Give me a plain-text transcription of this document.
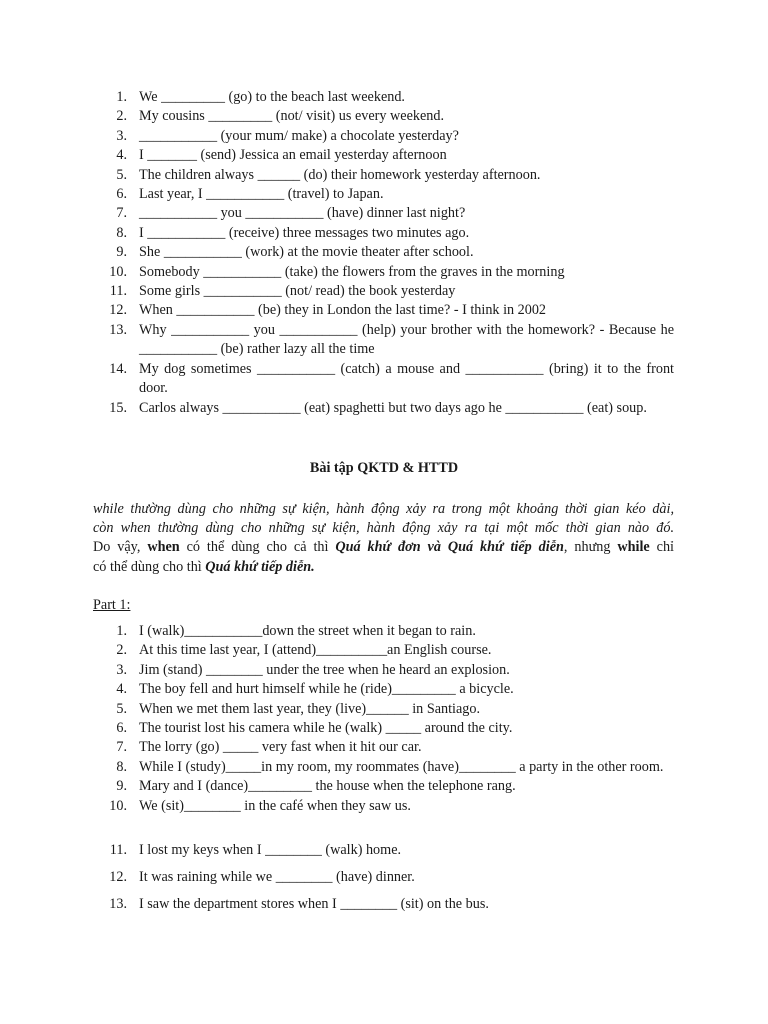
1. We _________ (go) to the beach last weekend.
2. My cousins _________ (not/ visit) us every weekend.
3. ___________ (your mum/ make) a chocolate yesterday?
4. I _______ (send) Jessica an email yesterday afternoon
5. The children always ______ (do) their homework yesterday afternoon.
6. Last year, I ___________ (travel) to Japan.
7. ___________ you ___________ (have) dinner last night?
8. I ___________ (receive) three messages two minutes ago.
9. She ___________ (work) at the movie theater after school.
10. Somebody ___________ (take) the flowers from the graves in the morning
11. Some girls ___________ (not/ read) the book yesterday
12. When ___________ (be) they in London the last time? - I think in 2002
13. Why ___________ you ___________ (help) your brother with the homework? - Because he ___________ (be) rather lazy all the time
14. My dog sometimes ___________ (catch) a mouse and ___________ (bring) it to the front door.
15. Carlos always ___________ (eat) spaghetti but two days ago he ___________ (eat) soup.
Bài tập QKTD & HTTD
while thường dùng cho những sự kiện, hành động xảy ra trong một khoảng thời gian kéo dài,
còn when thường dùng cho những sự kiện, hành động xảy ra tại một mốc thời gian nào đó.
Do vậy, when có thể dùng cho cả thì Quá khứ đơn và Quá khứ tiếp diễn, nhưng while chỉ
có thể dùng cho thì Quá khứ tiếp diễn.
Part 1:
1. I (walk)___________down the street when it began to rain.
2. At this time last year, I (attend)__________an English course.
3. Jim (stand) ________ under the tree when he heard an explosion.
4. The boy fell and hurt himself while he (ride)_________ a bicycle.
5. When we met them last year, they (live)______ in Santiago.
6. The tourist lost his camera while he (walk) _____ around the city.
7. The lorry (go) _____ very fast when it hit our car.
8. While I (study)_____in my room, my roommates (have)________ a party in the other room.
9. Mary and I (dance)_________ the house when the telephone rang.
10. We (sit)________ in the café when they saw us.
11. I lost my keys when I ________ (walk) home.
12. It was raining while we ________ (have) dinner.
13. I saw the department stores when I ________ (sit) on the bus.
